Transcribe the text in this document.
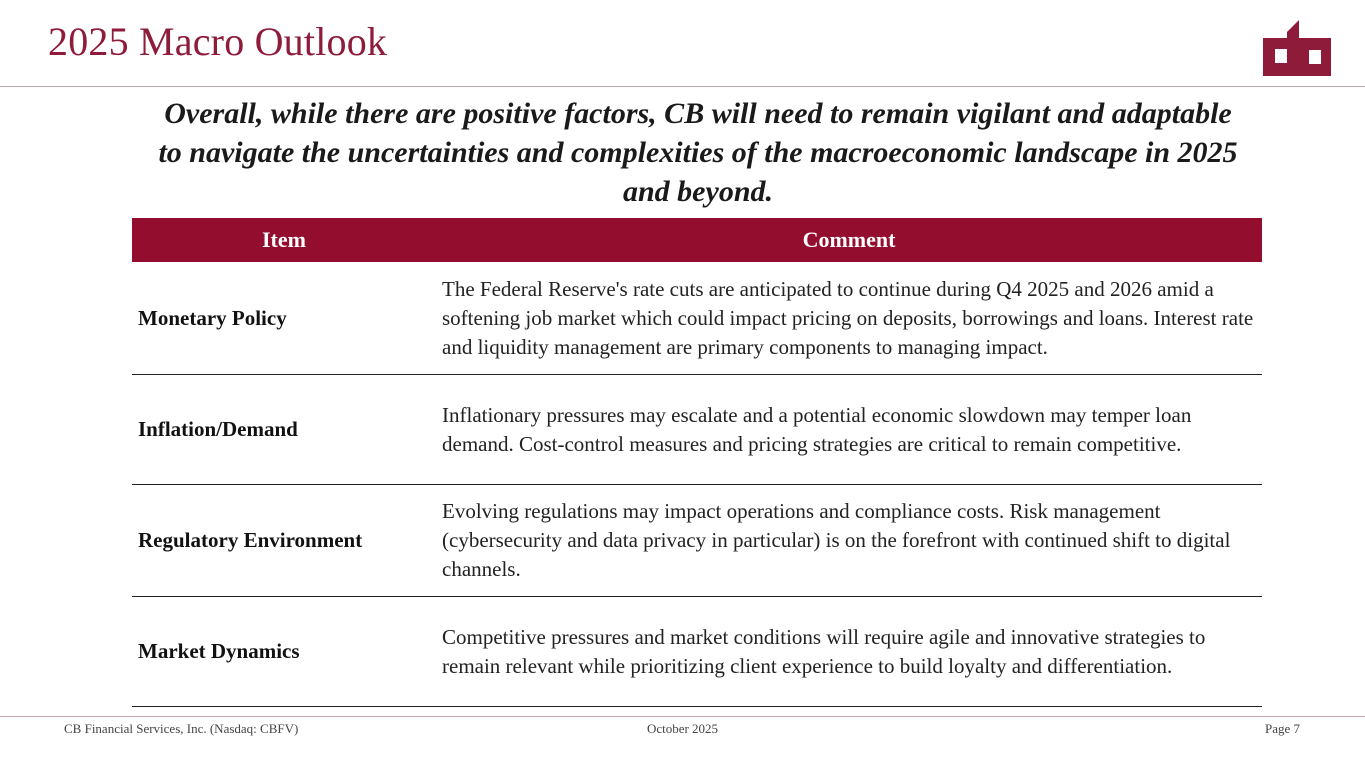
2025 Macro Outlook

Overall, while there are positive factors, CB will need to remain vigilant and adaptable to navigate the uncertainties and complexities of the macroeconomic landscape in 2025 and beyond.

Item	Comment
Monetary Policy	The Federal Reserve's rate cuts are anticipated to continue during Q4 2025 and 2026 amid a softening job market which could impact pricing on deposits, borrowings and loans. Interest rate and liquidity management are primary components to managing impact.
Inflation/Demand	Inflationary pressures may escalate and a potential economic slowdown may temper loan demand. Cost-control measures and pricing strategies are critical to remain competitive.
Regulatory Environment	Evolving regulations may impact operations and compliance costs. Risk management (cybersecurity and data privacy in particular) is on the forefront with continued shift to digital channels.
Market Dynamics	Competitive pressures and market conditions will require agile and innovative strategies to remain relevant while prioritizing client experience to build loyalty and differentiation.

CB Financial Services, Inc. (Nasdaq: CBFV)	October 2025	Page 7
